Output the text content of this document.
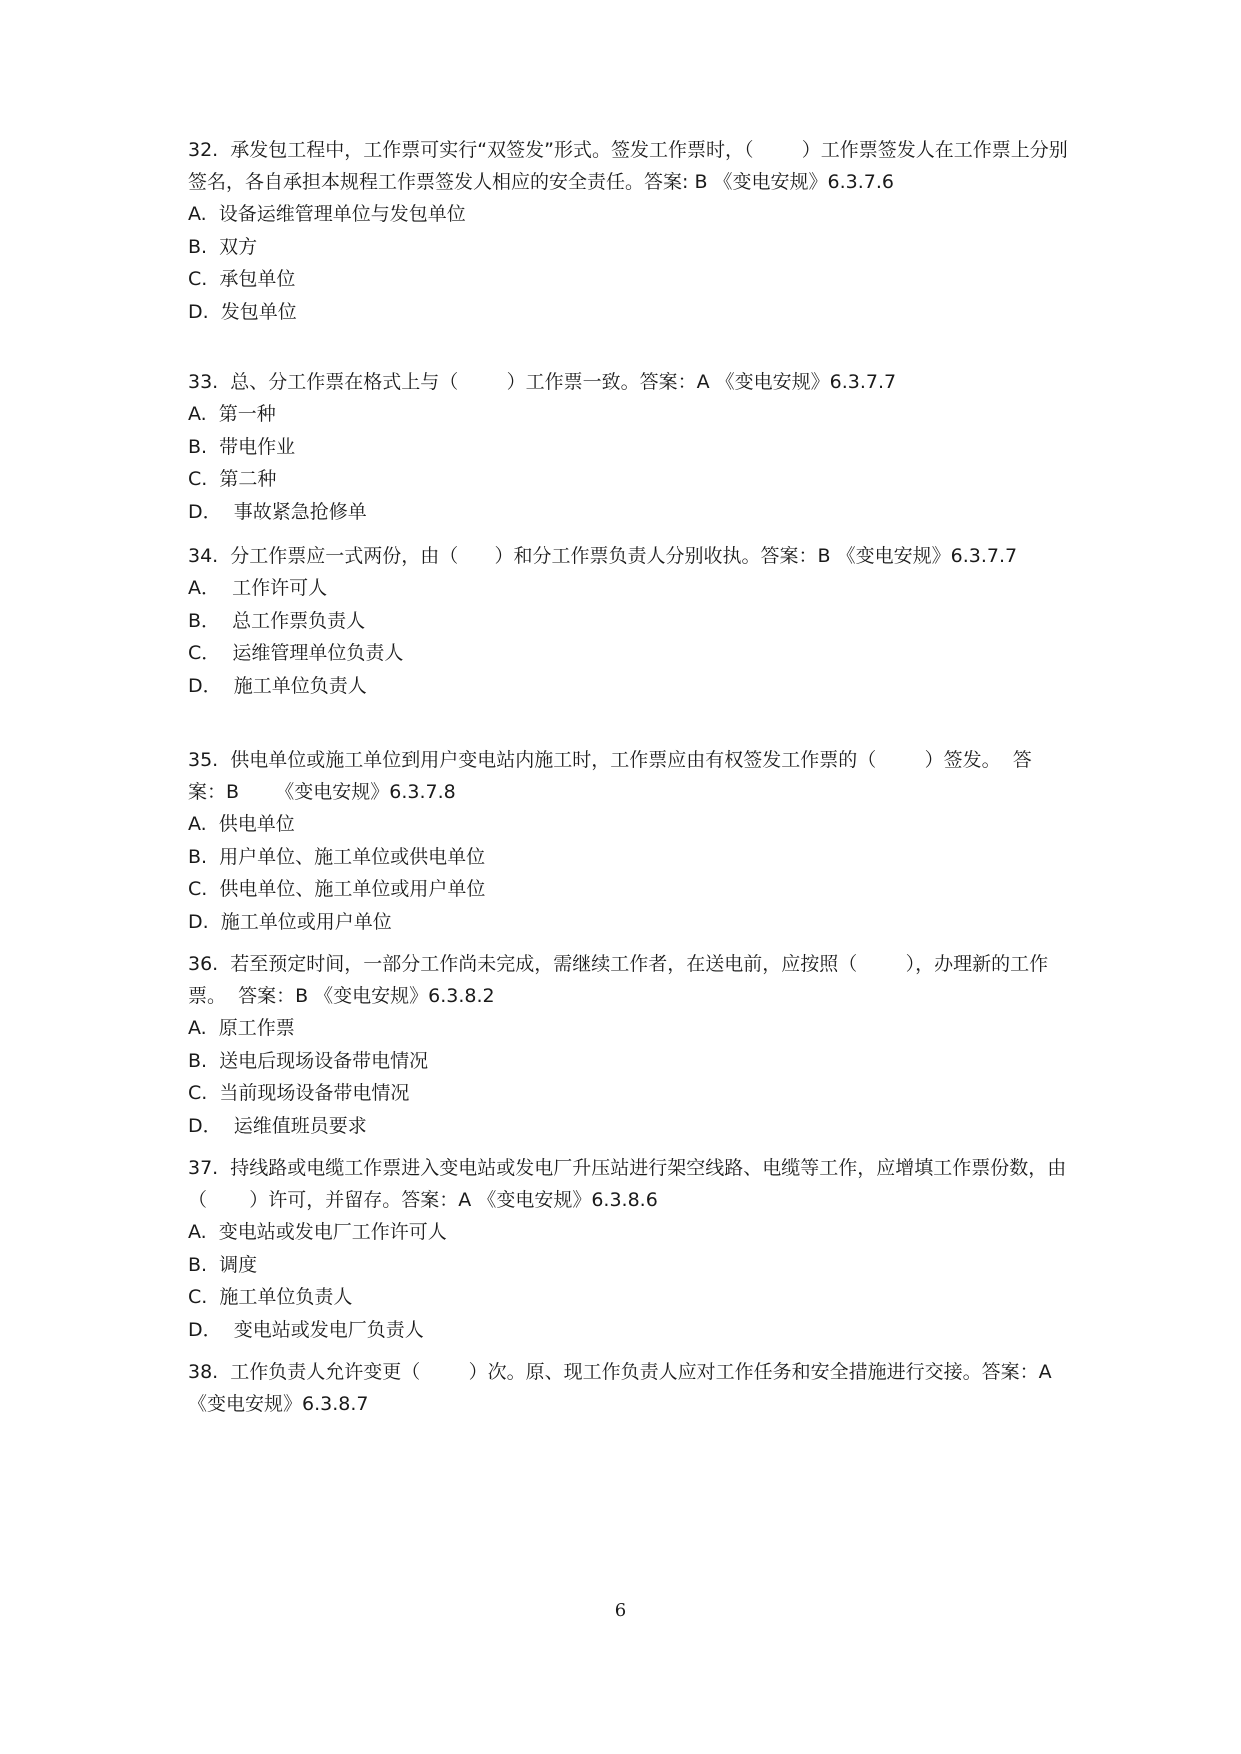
32.  承发包工程中，工作票可实行“双签发”形式。签发工作票时，（        ）工作票签发人在工作票上分别签名，各自承担本规程工作票签发人相应的安全责任。答案: B 《变电安规》6.3.7.6

A.  设备运维管理单位与发包单位
B.  双方
C.  承包单位
D.  发包单位

33.  总、分工作票在格式上与（        ）工作票一致。答案：A 《变电安规》6.3.7.7

A.  第一种
B.  带电作业
C.  第二种
D．  事故紧急抢修单

34.  分工作票应一式两份，由（      ）和分工作票负责人分别收执。答案：B 《变电安规》6.3.7.7

A．  工作许可人
B．  总工作票负责人
C．  运维管理单位负责人
D．  施工单位负责人

35.  供电单位或施工单位到用户变电站内施工时，工作票应由有权签发工作票的（        ）签发。  答案：B      《变电安规》6.3.7.8

A.  供电单位
B.  用户单位、施工单位或供电单位
C.  供电单位、施工单位或用户单位
D.  施工单位或用户单位

36.  若至预定时间，一部分工作尚未完成，需继续工作者，在送电前，应按照（        ），办理新的工作票。  答案：B 《变电安规》6.3.8.2

A.  原工作票
B.  送电后现场设备带电情况
C.  当前现场设备带电情况
D．  运维值班员要求

37.  持线路或电缆工作票进入变电站或发电厂升压站进行架空线路、电缆等工作，应增填工作票份数，由（       ）许可，并留存。答案：A 《变电安规》6.3.8.6

A.  变电站或发电厂工作许可人
B.  调度
C.  施工单位负责人
D．  变电站或发电厂负责人

38.  工作负责人允许变更（        ）次。原、现工作负责人应对工作任务和安全措施进行交接。答案：A 《变电安规》6.3.8.7

6
